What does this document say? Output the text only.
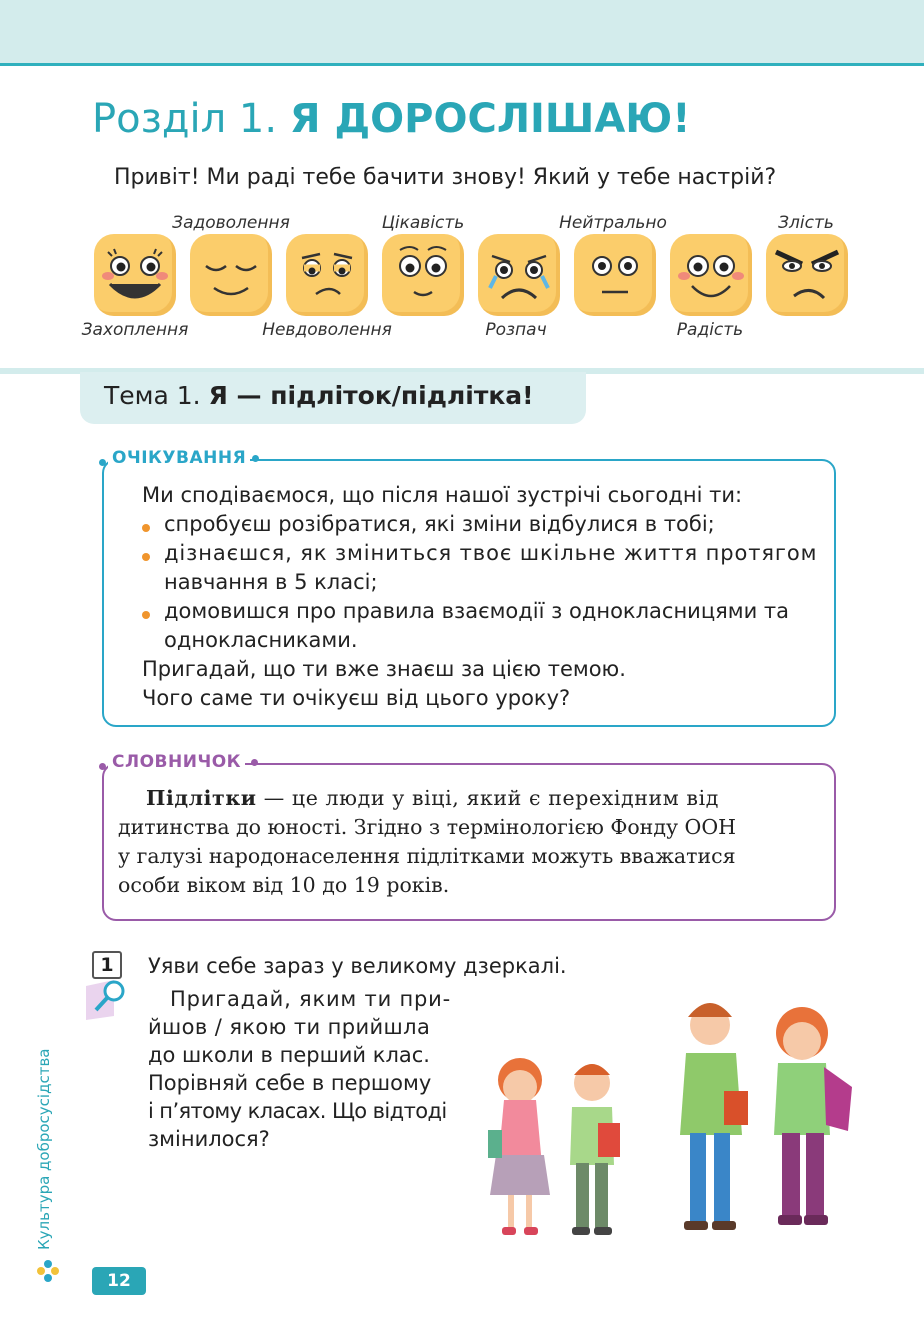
Розділ 1. Я ДОРОСЛІШАЮ!
Привіт! Ми раді тебе бачити знову! Який у тебе настрій?
Задоволення	Цікавість	Нейтрально	Злість
Захоплення	Невдоволення	Розпач	Радість
Тема 1. Я — підліток/підлітка!
ОЧІКУВАННЯ
Ми сподіваємося, що після нашої зустрічі сьогодні ти:
спробуєш розібратися, які зміни відбулися в тобі;
дізнаєшся, як зміниться твоє шкільне життя протягом
навчання в 5 класі;
домовишся про правила взаємодії з однокласницями та
однокласниками.
Пригадай, що ти вже знаєш за цією темою.
Чого саме ти очікуєш від цього уроку?
СЛОВНИЧОК
Підлітки — це люди у віці, який є перехідним від
дитинства до юності. Згідно з термінологією Фонду ООН
у галузі народонаселення підлітками можуть вважатися
особи віком від 10 до 19 років.
1	Уяви себе зараз у великому дзеркалі.
Пригадай, яким ти при-
йшов / якою ти прийшла
до школи в перший клас.
Порівняй себе в першому
і п’ятому класах. Що відтоді
змінилося?
Культура добросусідства
12
